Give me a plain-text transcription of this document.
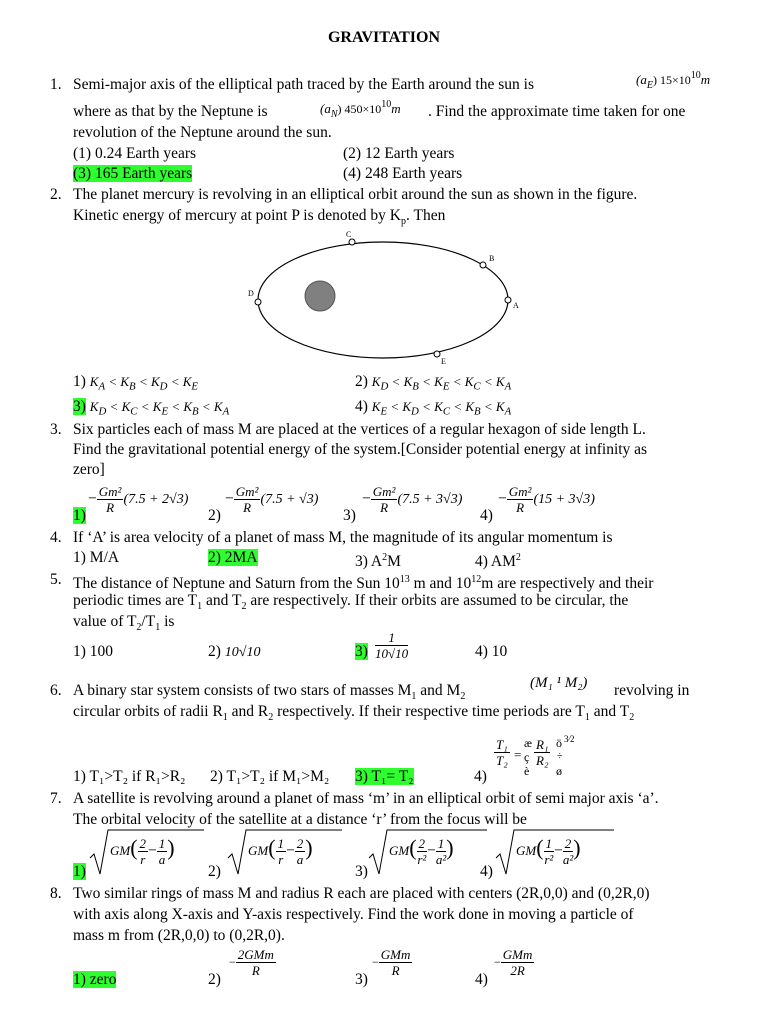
GRAVITATION
1. Semi-major axis of the elliptical path traced by the Earth around the sun is	$(a_E)$ $15\times 10^{10}m$
where as that by the Neptune is	$(a_N)$ $450\times 10^{10}m$ . Find the approximate time taken for one
revolution of the Neptune around the sun.
(1) 0.24 Earth years	(2) 12 Earth years
(3) 165 Earth years	(4) 248 Earth years
2. The planet mercury is revolving in an elliptical orbit around the sun as shown in the figure.
Kinetic energy of mercury at point P is denoted by $K_p$. Then
C
B
A
D
E
1) $K_A < K_B < K_D < K_E$	2) $K_D < K_B < K_E < K_C < K_A$
3) $K_D < K_C < K_E < K_B < K_A$	4) $K_E < K_D < K_C < K_B < K_A$
3. Six particles each of mass M are placed at the vertices of a regular hexagon of side length L.
Find the gravitational potential energy of the system.[Consider potential energy at infinity as
zero]
1)
− $\frac{\text{Gm²}}{R} (7.5 + 2√3)$
2)
− $\frac{\text{Gm²}}{R} (7.5 + √3)$
3)
− $\frac{\text{Gm²}}{R} (7.5 + 3√3)$
4)
− $\frac{\text{Gm²}}{R} (15 + 3√3)$
4. If ‘A’ is area velocity of a planet of mass M, the magnitude of its angular momentum is
1) M/A	2) 2MA	3) $A^2M$	4) $AM^2$
5. The distance of Neptune and Saturn from the Sun $10^{13}$ m and $10^{12}m$ are respectively and their
periodic times are $T_1$ and $T_2$ are respectively. If their orbits are assumed to be circular, the
value of $T_2/T_1$ is
1) 100	2) 10√10	$3) \frac{1}{10√10}$	4) 10
6. A binary star system consists of two stars of masses $M_1$ and $M_2$
(M₁ ¹ M₂) revolving in
circular orbits of radii $R_1$ and $R_2$ respectively. If their respective time periods are $T_1$ and $T_2$
1) T₁>T₂ if R₁>R₂ 2) T₁>T₂ if M₁>M₂ 3) T₁= T₂	4)
$\frac{\text{T₁}}{\text{T₂}}$ =
æ
ç
è
$\frac{\text{R₁}}{\text{R₂}}$ ö
÷
ø
3⁄2
7. A satellite is revolving around a planet of mass ‘m’ in an elliptical orbit of semi major axis ‘a’.
The orbital velocity of the satellite at a distance ‘r’ from the focus will be
1)	2)	3)	4)
$GM( \frac{2}{r} - \frac{1}{a}$ )	$GM( \frac{1}{r} - \frac{2}{a}$ )	$GM( \frac{2}{\text{r²}} - \frac{1}{\text{a²}}$ )	$GM( \frac{1}{\text{r²}} - \frac{2}{\text{a²}}$ )
8. Two similar rings of mass M and radius R each are placed with centers (2R,0,0) and (0,2R,0)
with axis along X-axis and Y-axis respectively. Find the work done in moving a particle of
mass m from (2R,0,0) to (0,2R,0).
1) zero	2)
− $\frac{\text{2GMm}}{R}$
3)
− $\frac{\text{GMm}}{R}$
4)
− $\frac{\text{GMm}}{2R}$
